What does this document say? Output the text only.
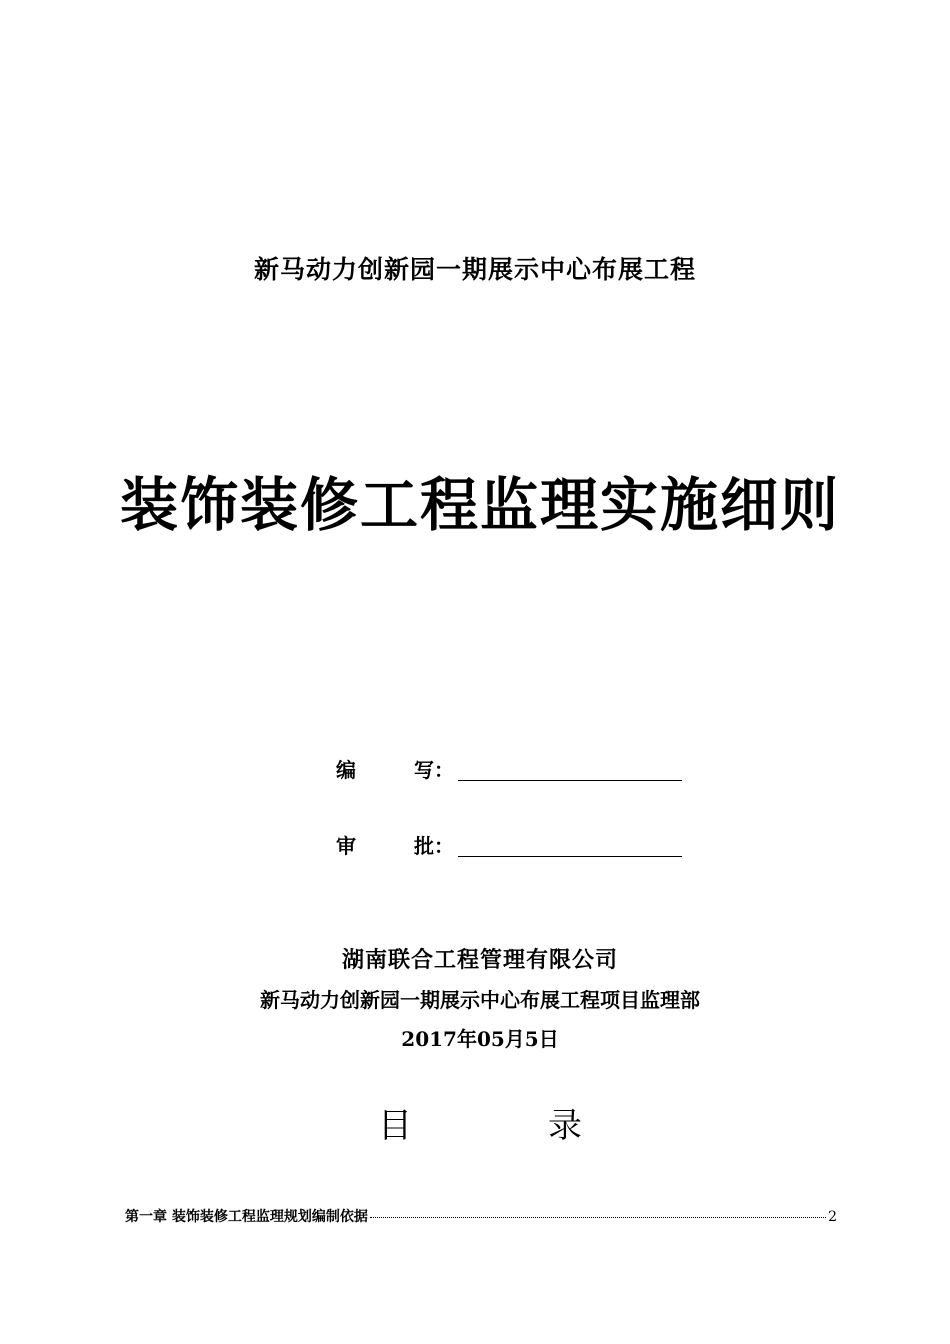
新马动力创新园一期展示中心布展工程
装饰装修工程监理实施细则
编	写：
审	批：
湖南联合工程管理有限公司
新马动力创新园一期展示中心布展工程项目监理部
2017年05月5日
目	录
第一章 装饰装修工程监理规划编制依据	2
